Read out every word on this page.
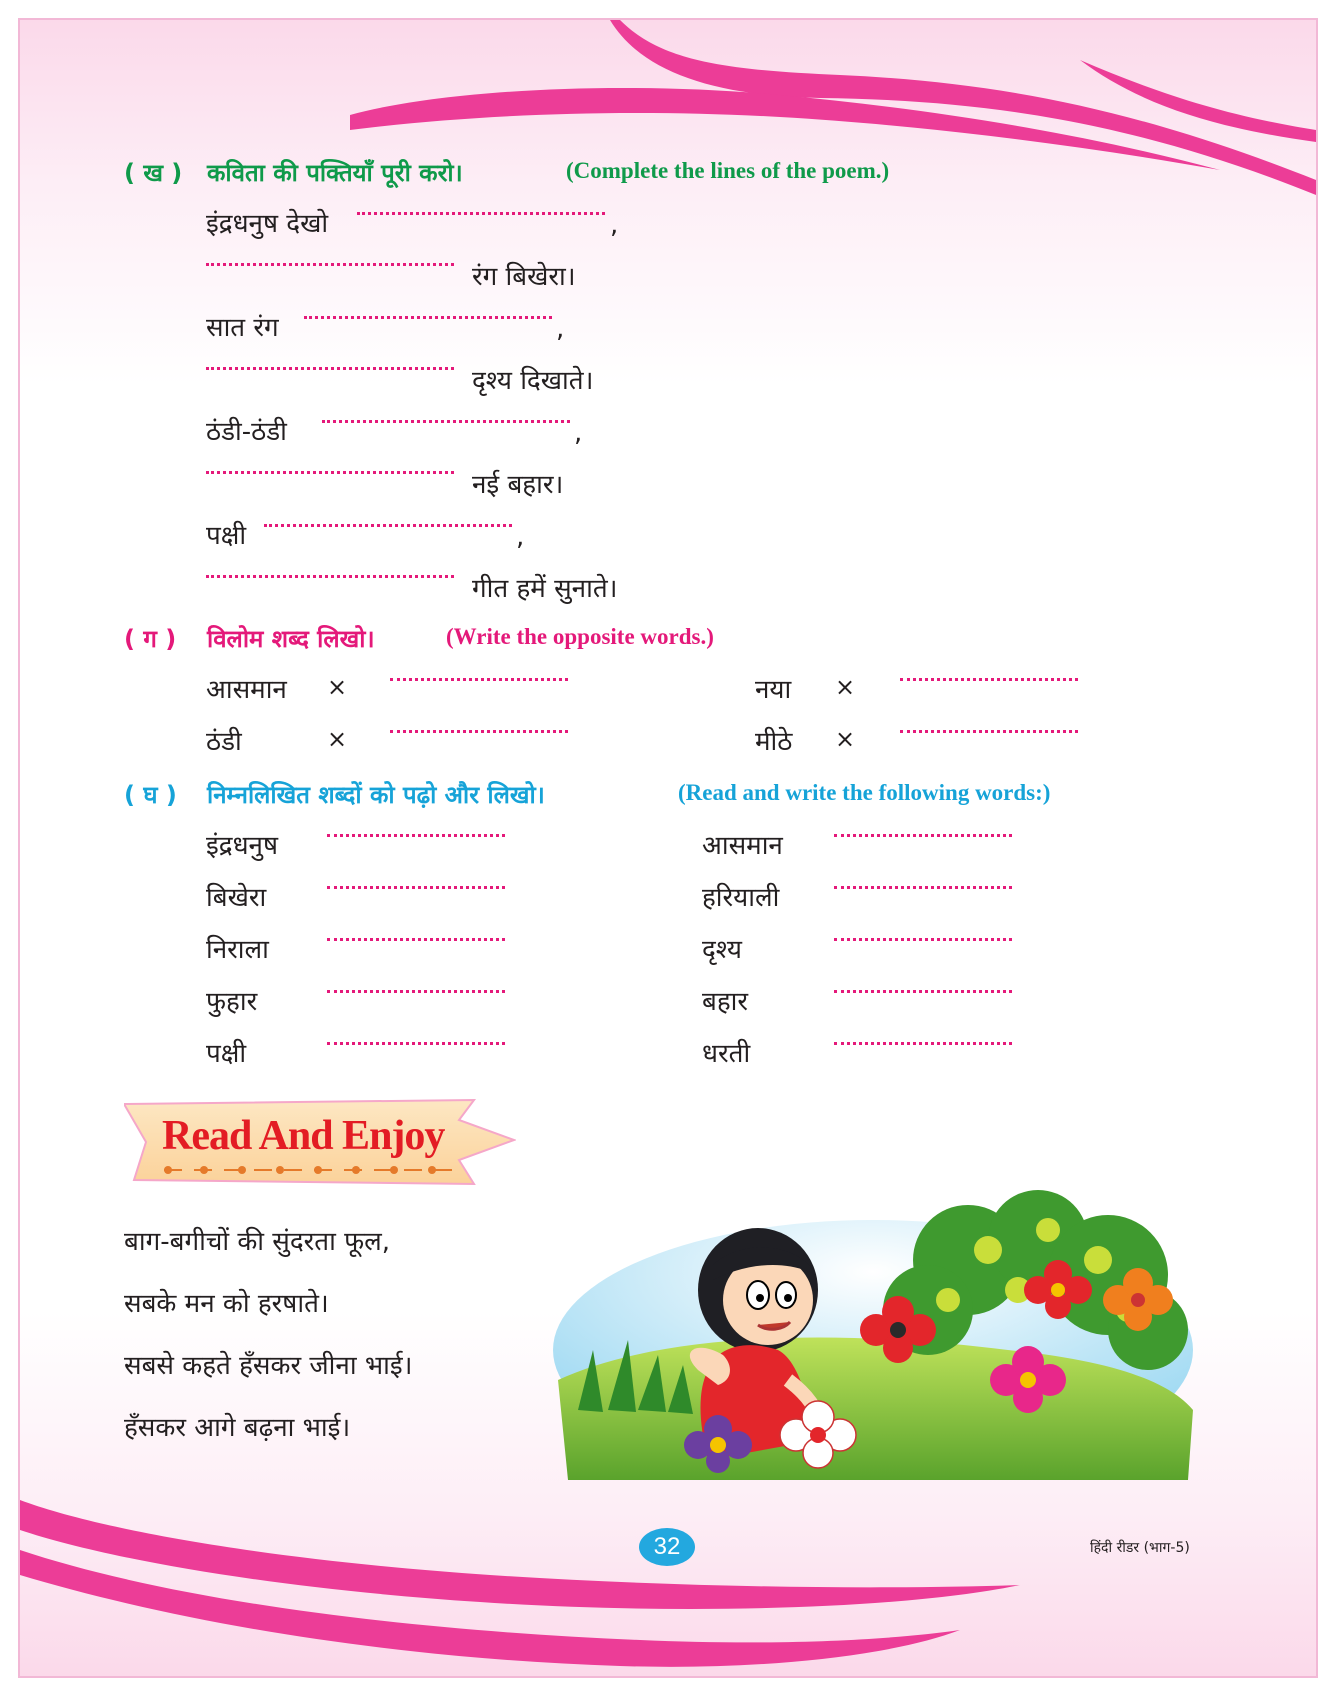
( ख ) कविता की पक्तियाँ पूरी करो।	(Complete the lines of the poem.)
इंद्रधनुष देखो	,
रंग बिखेरा।
सात रंग	,
दृश्य दिखाते।
ठंडी-ठंडी	,
नई बहार।
पक्षी	,
गीत हमें सुनाते।
( ग ) विलोम शब्द लिखो।	(Write the opposite words.)
आसमान ×	नया ×
ठंडी	×	मीठे ×
( घ ) निम्नलिखित शब्दों को पढ़ो और लिखो।	(Read and write the following words:)
इंद्रधनुष	आसमान
बिखेरा	हरियाली
निराला	दृश्य
फुहार	बहार
पक्षी	धरती
Read And Enjoy
बाग-बगीचों की सुंदरता फूल,
सबके मन को हरषाते।
सबसे कहते हँसकर जीना भाई।
हँसकर आगे बढ़ना भाई।
32	हिंदी रीडर (भाग-5)
